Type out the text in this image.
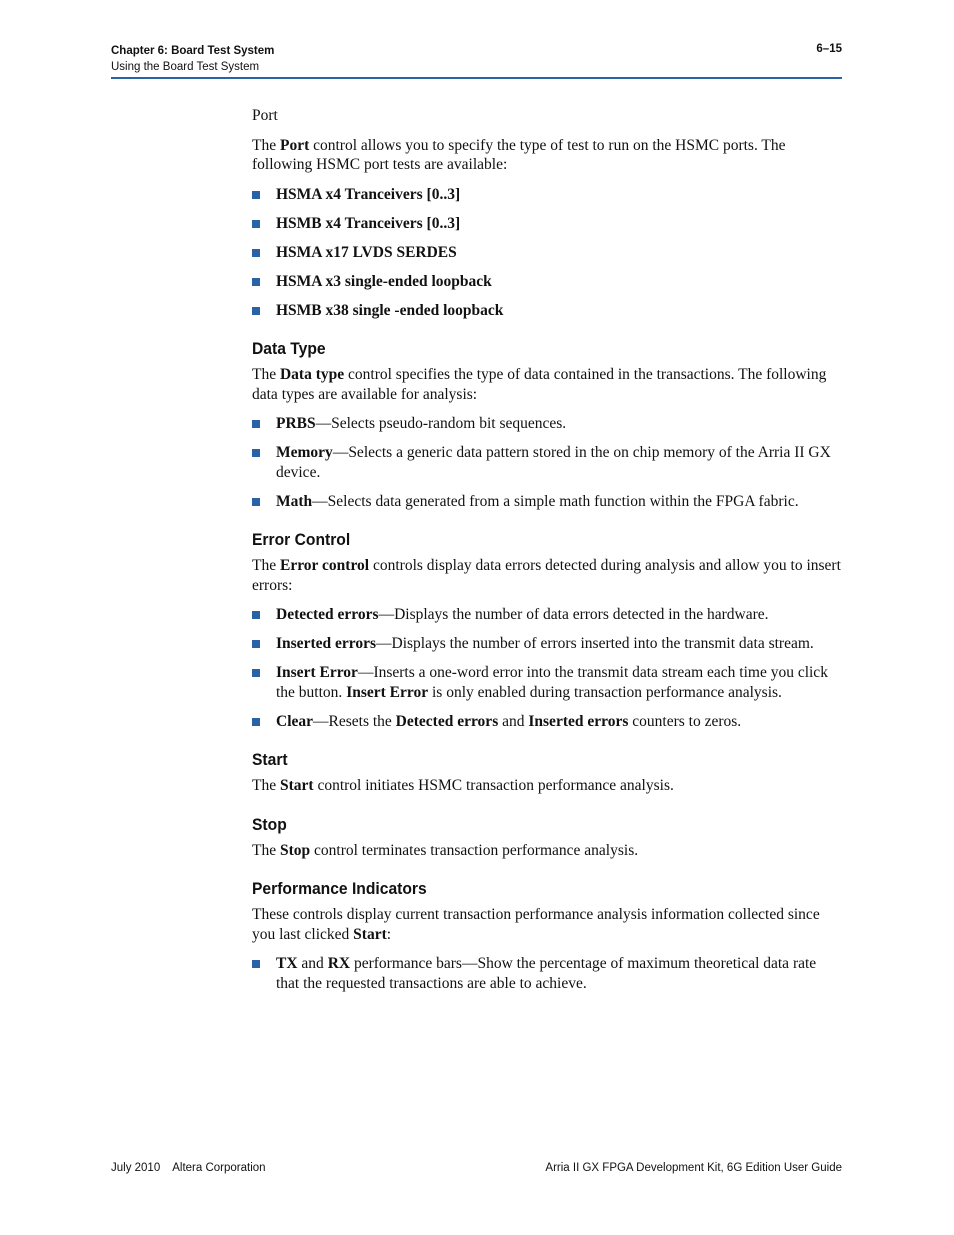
Chapter 6: Board Test System
Using the Board Test System
6–15

Port

The Port control allows you to specify the type of test to run on the HSMC ports. The following HSMC port tests are available:

HSMA x4 Tranceivers [0..3]
HSMB x4 Tranceivers [0..3]
HSMA x17 LVDS SERDES
HSMA x3 single-ended loopback
HSMB x38 single -ended loopback
Data Type

The Data type control specifies the type of data contained in the transactions. The following data types are available for analysis:

PRBS—Selects pseudo-random bit sequences.
Memory—Selects a generic data pattern stored in the on chip memory of the Arria II GX device.
Math—Selects data generated from a simple math function within the FPGA fabric.
Error Control

The Error control controls display data errors detected during analysis and allow you to insert errors:

Detected errors—Displays the number of data errors detected in the hardware.
Inserted errors—Displays the number of errors inserted into the transmit data stream.
Insert Error—Inserts a one-word error into the transmit data stream each time you click the button. Insert Error is only enabled during transaction performance analysis.
Clear—Resets the Detected errors and Inserted errors counters to zeros.
Start

The Start control initiates HSMC transaction performance analysis.

Stop

The Stop control terminates transaction performance analysis.

Performance Indicators

These controls display current transaction performance analysis information collected since you last clicked Start:

TX and RX performance bars—Show the percentage of maximum theoretical data rate that the requested transactions are able to achieve.
July 2010 Altera Corporation	Arria II GX FPGA Development Kit, 6G Edition User Guide
